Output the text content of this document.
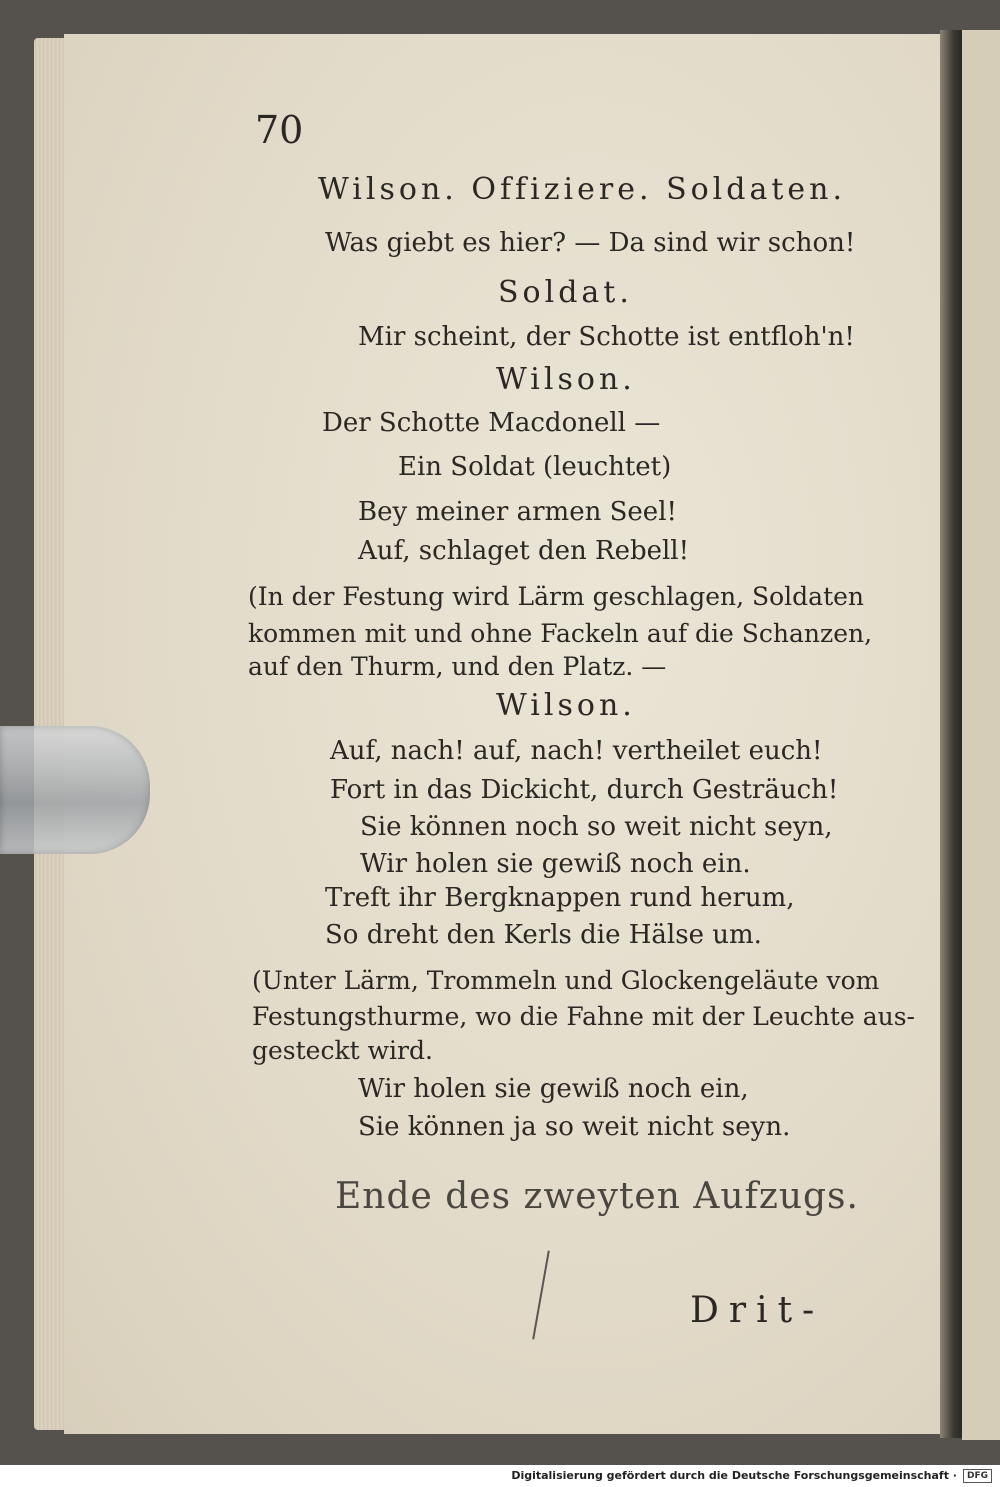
70
Wilson. Offiziere. Soldaten.
Was giebt es hier? — Da sind wir schon!
Soldat.
Mir scheint, der Schotte ist entfloh'n!
Wilson.
Der Schotte Macdonell —
Ein Soldat (leuchtet)
Bey meiner armen Seel!
Auf, schlaget den Rebell!
(In der Festung wird Lärm geschlagen, Soldaten
kommen mit und ohne Fackeln auf die Schanzen,
auf den Thurm, und den Platz. —
Wilson.
Auf, nach! auf, nach! vertheilet euch!
Fort in das Dickicht, durch Gesträuch!
Sie können noch so weit nicht seyn,
Wir holen sie gewiß noch ein.
Treft ihr Bergknappen rund herum,
So dreht den Kerls die Hälse um.
(Unter Lärm, Trommeln und Glockengeläute vom
Festungsthurme, wo die Fahne mit der Leuchte aus-
gesteckt wird.
Wir holen sie gewiß noch ein,
Sie können ja so weit nicht seyn.
Ende des zweyten Aufzugs.
Drit-
Digitalisierung gefördert durch die Deutsche Forschungsgemeinschaft · DFG
